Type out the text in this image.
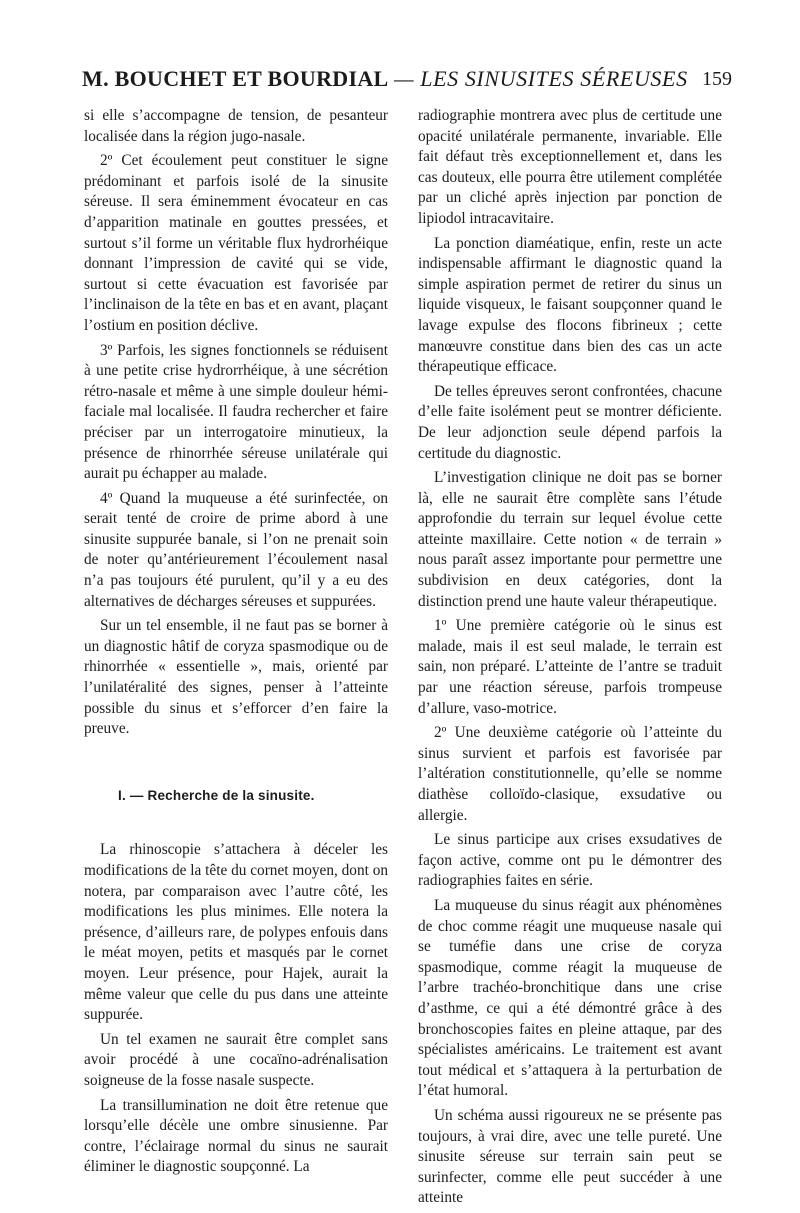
M. BOUCHET ET BOURDIAL — LES SINUSITES SÉREUSES 159

si elle s’accompagne de tension, de pesanteur localisée dans la région jugo-nasale.

2º Cet écoulement peut constituer le signe prédominant et parfois isolé de la sinusite séreuse. Il sera éminemment évocateur en cas d’apparition matinale en gouttes pressées, et surtout s’il forme un véritable flux hydrorhéique donnant l’impression de cavité qui se vide, surtout si cette évacuation est favorisée par l’inclinaison de la tête en bas et en avant, plaçant l’ostium en position déclive.

3º Parfois, les signes fonctionnels se réduisent à une petite crise hydrorrhéique, à une sécrétion rétro-nasale et même à une simple douleur hémi-faciale mal localisée. Il faudra rechercher et faire préciser par un interrogatoire minutieux, la présence de rhinorrhée séreuse unilatérale qui aurait pu échapper au malade.

4º Quand la muqueuse a été surinfectée, on serait tenté de croire de prime abord à une sinusite suppurée banale, si l’on ne prenait soin de noter qu’antérieurement l’écoulement nasal n’a pas toujours été purulent, qu’il y a eu des alternatives de décharges séreuses et suppurées.

Sur un tel ensemble, il ne faut pas se borner à un diagnostic hâtif de coryza spasmodique ou de rhinorrhée « essentielle », mais, orienté par l’unilatéralité des signes, penser à l’atteinte possible du sinus et s’efforcer d’en faire la preuve.

I. — Recherche de la sinusite.

La rhinoscopie s’attachera à déceler les modifications de la tête du cornet moyen, dont on notera, par comparaison avec l’autre côté, les modifications les plus minimes. Elle notera la présence, d’ailleurs rare, de polypes enfouis dans le méat moyen, petits et masqués par le cornet moyen. Leur présence, pour Hajek, aurait la même valeur que celle du pus dans une atteinte suppurée.

Un tel examen ne saurait être complet sans avoir procédé à une cocaïno-adrénalisation soigneuse de la fosse nasale suspecte.

La transillumination ne doit être retenue que lorsqu’elle décèle une ombre sinusienne. Par contre, l’éclairage normal du sinus ne saurait éliminer le diagnostic soupçonné. La

radiographie montrera avec plus de certitude une opacité unilatérale permanente, invariable. Elle fait défaut très exceptionnellement et, dans les cas douteux, elle pourra être utilement complétée par un cliché après injection par ponction de lipiodol intracavitaire.

La ponction diaméatique, enfin, reste un acte indispensable affirmant le diagnostic quand la simple aspiration permet de retirer du sinus un liquide visqueux, le faisant soupçonner quand le lavage expulse des flocons fibrineux ; cette manœuvre constitue dans bien des cas un acte thérapeutique efficace.

De telles épreuves seront confrontées, chacune d’elle faite isolément peut se montrer déficiente. De leur adjonction seule dépend parfois la certitude du diagnostic.

L’investigation clinique ne doit pas se borner là, elle ne saurait être complète sans l’étude approfondie du terrain sur lequel évolue cette atteinte maxillaire. Cette notion « de terrain » nous paraît assez importante pour permettre une subdivision en deux catégories, dont la distinction prend une haute valeur thérapeutique.

1º Une première catégorie où le sinus est malade, mais il est seul malade, le terrain est sain, non préparé. L’atteinte de l’antre se traduit par une réaction séreuse, parfois trompeuse d’allure, vaso-motrice.

2º Une deuxième catégorie où l’atteinte du sinus survient et parfois est favorisée par l’altération constitutionnelle, qu’elle se nomme diathèse colloïdo-clasique, exsudative ou allergie.

Le sinus participe aux crises exsudatives de façon active, comme ont pu le démontrer des radiographies faites en série.

La muqueuse du sinus réagit aux phénomènes de choc comme réagit une muqueuse nasale qui se tuméfie dans une crise de coryza spasmodique, comme réagit la muqueuse de l’arbre trachéo-bronchitique dans une crise d’asthme, ce qui a été démontré grâce à des bronchoscopies faites en pleine attaque, par des spécialistes américains. Le traitement est avant tout médical et s’attaquera à la perturbation de l’état humoral.

Un schéma aussi rigoureux ne se présente pas toujours, à vrai dire, avec une telle pureté. Une sinusite séreuse sur terrain sain peut se surinfecter, comme elle peut succéder à une atteinte
